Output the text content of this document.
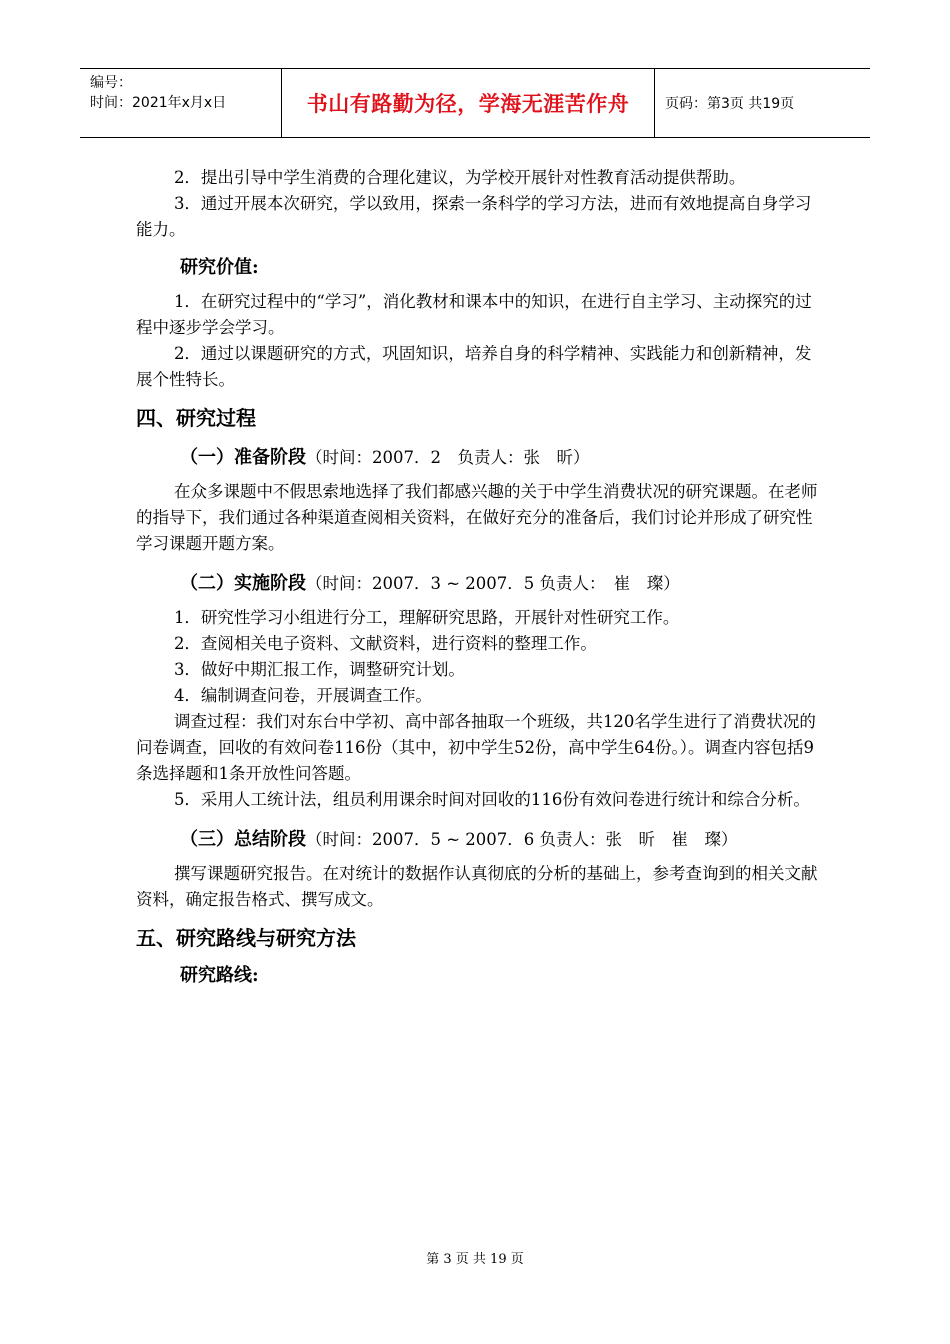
编号：
时间：2021年x月x日	书山有路勤为径，学海无涯苦作舟	页码：第3页 共19页

2．提出引导中学生消费的合理化建议，为学校开展针对性教育活动提供帮助。

3．通过开展本次研究，学以致用，探索一条科学的学习方法，进而有效地提高自身学习能力。

研究价值:

1．在研究过程中的“学习”，消化教材和课本中的知识，在进行自主学习、主动探究的过程中逐步学会学习。

2．通过以课题研究的方式，巩固知识，培养自身的科学精神、实践能力和创新精神，发展个性特长。

四、研究过程

（一）准备阶段（时间：2007．2　负责人：张　昕）

在众多课题中不假思索地选择了我们都感兴趣的关于中学生消费状况的研究课题。在老师的指导下，我们通过各种渠道查阅相关资料，在做好充分的准备后，我们讨论并形成了研究性学习课题开题方案。

（二）实施阶段（时间：2007．3 ~ 2007．5 负责人：　崔　璨）

1．研究性学习小组进行分工，理解研究思路，开展针对性研究工作。

2．查阅相关电子资料、文献资料，进行资料的整理工作。

3．做好中期汇报工作，调整研究计划。

4．编制调查问卷，开展调查工作。

调查过程：我们对东台中学初、高中部各抽取一个班级，共120名学生进行了消费状况的问卷调查，回收的有效问卷116份（其中，初中学生52份，高中学生64份。）。调查内容包括9条选择题和1条开放性问答题。

5．采用人工统计法，组员利用课余时间对回收的116份有效问卷进行统计和综合分析。

（三）总结阶段（时间：2007．5 ~ 2007．6 负责人：张　昕　崔　璨）

撰写课题研究报告。在对统计的数据作认真彻底的分析的基础上，参考查询到的相关文献资料，确定报告格式、撰写成文。

五、研究路线与研究方法

研究路线:

第 3 页 共 19 页
